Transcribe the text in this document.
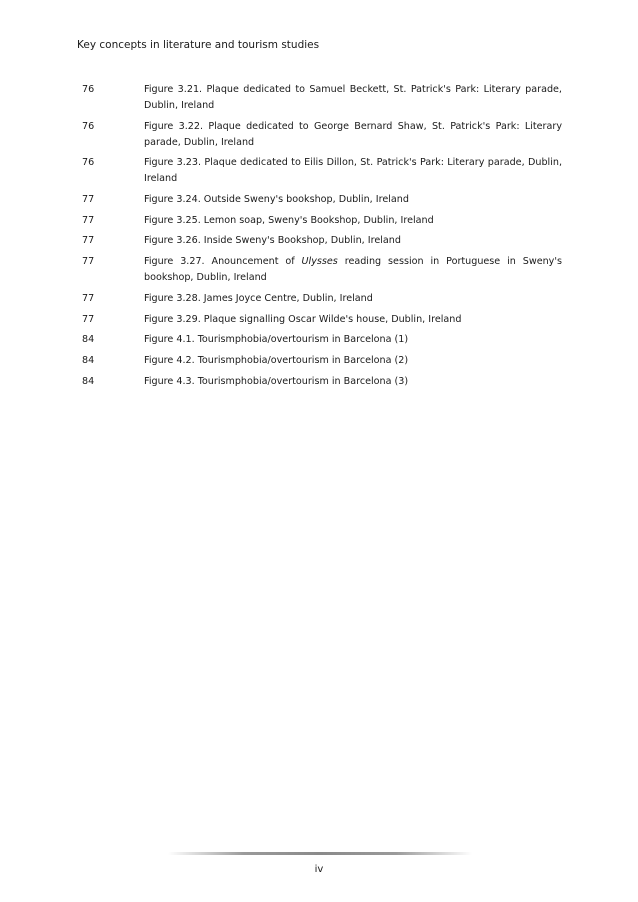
Key concepts in literature and tourism studies
76	Figure 3.21. Plaque dedicated to Samuel Beckett, St. Patrick's Park: Literary parade, Dublin, Ireland
76	Figure 3.22. Plaque dedicated to George Bernard Shaw, St. Patrick's Park: Literary parade, Dublin, Ireland
76	Figure 3.23. Plaque dedicated to Eilis Dillon, St. Patrick's Park: Literary parade, Dublin, Ireland
77	Figure 3.24. Outside Sweny's bookshop, Dublin, Ireland
77	Figure 3.25. Lemon soap, Sweny's Bookshop, Dublin, Ireland
77	Figure 3.26. Inside Sweny's Bookshop, Dublin, Ireland
77	Figure 3.27. Anouncement of Ulysses reading session in Portuguese in Sweny's bookshop, Dublin, Ireland
77	Figure 3.28. James Joyce Centre, Dublin, Ireland
77	Figure 3.29. Plaque signalling Oscar Wilde's house, Dublin, Ireland
84	Figure 4.1. Tourismphobia/overtourism in Barcelona (1)
84	Figure 4.2. Tourismphobia/overtourism in Barcelona (2)
84	Figure 4.3. Tourismphobia/overtourism in Barcelona (3)
iv
